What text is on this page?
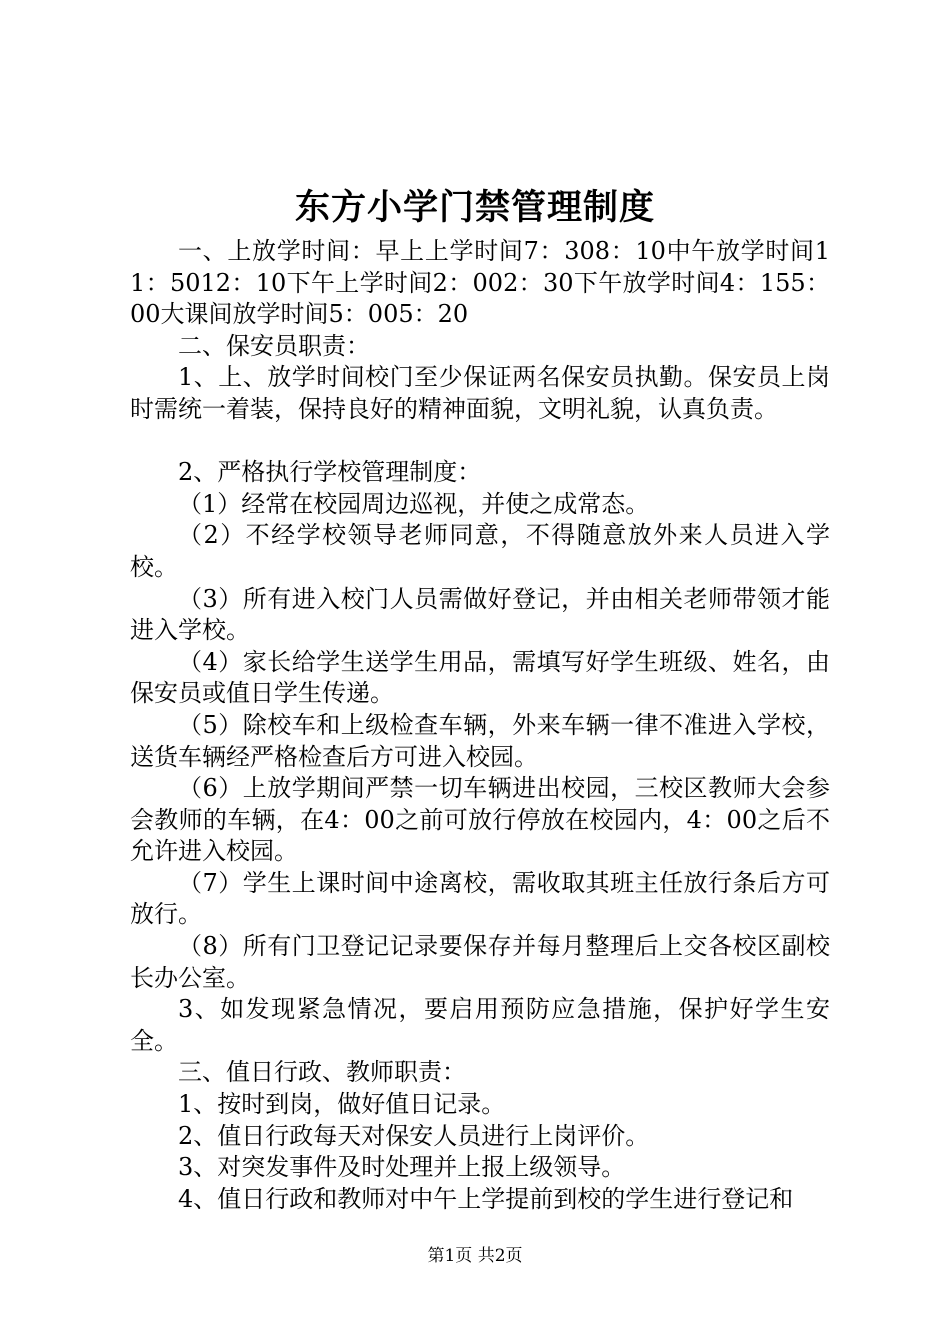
东方小学门禁管理制度

一、上放学时间：早上上学时间7：308：10中午放学时间11：5012：10下午上学时间2：002：30下午放学时间4：155：00大课间放学时间5：005：20

二、保安员职责：

1、上、放学时间校门至少保证两名保安员执勤。保安员上岗时需统一着装，保持良好的精神面貌，文明礼貌，认真负责。

2、严格执行学校管理制度：

（1）经常在校园周边巡视，并使之成常态。

（2）不经学校领导老师同意，不得随意放外来人员进入学校。

（3）所有进入校门人员需做好登记，并由相关老师带领才能进入学校。

（4）家长给学生送学生用品，需填写好学生班级、姓名，由保安员或值日学生传递。

（5）除校车和上级检查车辆，外来车辆一律不准进入学校，送货车辆经严格检查后方可进入校园。

（6）上放学期间严禁一切车辆进出校园，三校区教师大会参会教师的车辆，在4：00之前可放行停放在校园内，4：00之后不允许进入校园。

（7）学生上课时间中途离校，需收取其班主任放行条后方可放行。

（8）所有门卫登记记录要保存并每月整理后上交各校区副校长办公室。

3、如发现紧急情况，要启用预防应急措施，保护好学生安全。

三、值日行政、教师职责：

1、按时到岗，做好值日记录。

2、值日行政每天对保安人员进行上岗评价。

3、对突发事件及时处理并上报上级领导。

4、值日行政和教师对中午上学提前到校的学生进行登记和

第1页 共2页
